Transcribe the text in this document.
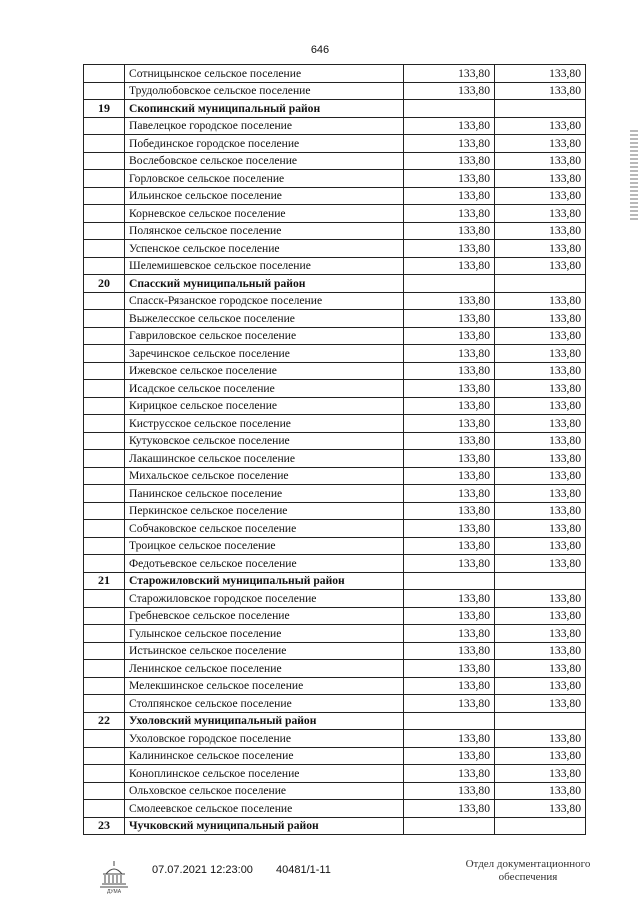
646
	Сотницынское сельское поселение	133,80	133,80
	Трудолюбовское сельское поселение	133,80	133,80
19	Скопинский муниципальный район		
	Павелецкое городское поселение	133,80	133,80
	Побединское городское поселение	133,80	133,80
	Вослебовское сельское поселение	133,80	133,80
	Горловское сельское поселение	133,80	133,80
	Ильинское сельское поселение	133,80	133,80
	Корневское сельское поселение	133,80	133,80
	Полянское сельское поселение	133,80	133,80
	Успенское сельское поселение	133,80	133,80
	Шелемишевское сельское поселение	133,80	133,80
20	Спасский муниципальный район		
	Спасск-Рязанское городское поселение	133,80	133,80
	Выжелесское сельское поселение	133,80	133,80
	Гавриловское сельское поселение	133,80	133,80
	Заречинское сельское поселение	133,80	133,80
	Ижевское сельское поселение	133,80	133,80
	Исадское сельское поселение	133,80	133,80
	Кирицкое сельское поселение	133,80	133,80
	Киструсское сельское поселение	133,80	133,80
	Кутуковское сельское поселение	133,80	133,80
	Лакашинское сельское поселение	133,80	133,80
	Михальское сельское поселение	133,80	133,80
	Панинское сельское поселение	133,80	133,80
	Перкинское сельское поселение	133,80	133,80
	Собчаковское сельское поселение	133,80	133,80
	Троицкое сельское поселение	133,80	133,80
	Федотьевское сельское поселение	133,80	133,80
21	Старожиловский муниципальный район		
	Старожиловское городское поселение	133,80	133,80
	Гребневское сельское поселение	133,80	133,80
	Гулынское сельское поселение	133,80	133,80
	Истьинское сельское поселение	133,80	133,80
	Ленинское сельское поселение	133,80	133,80
	Мелекшинское сельское поселение	133,80	133,80
	Столпянское сельское поселение	133,80	133,80
22	Ухоловский муниципальный район		
	Ухоловское городское поселение	133,80	133,80
	Калининское сельское поселение	133,80	133,80
	Коноплинское сельское поселение	133,80	133,80
	Ольховское сельское поселение	133,80	133,80
	Смолеевское сельское поселение	133,80	133,80
23	Чучковский муниципальный район		
ДУМА
07.07.2021 12:23:00 40481/1-11	Отдел документационного
обеспечения
